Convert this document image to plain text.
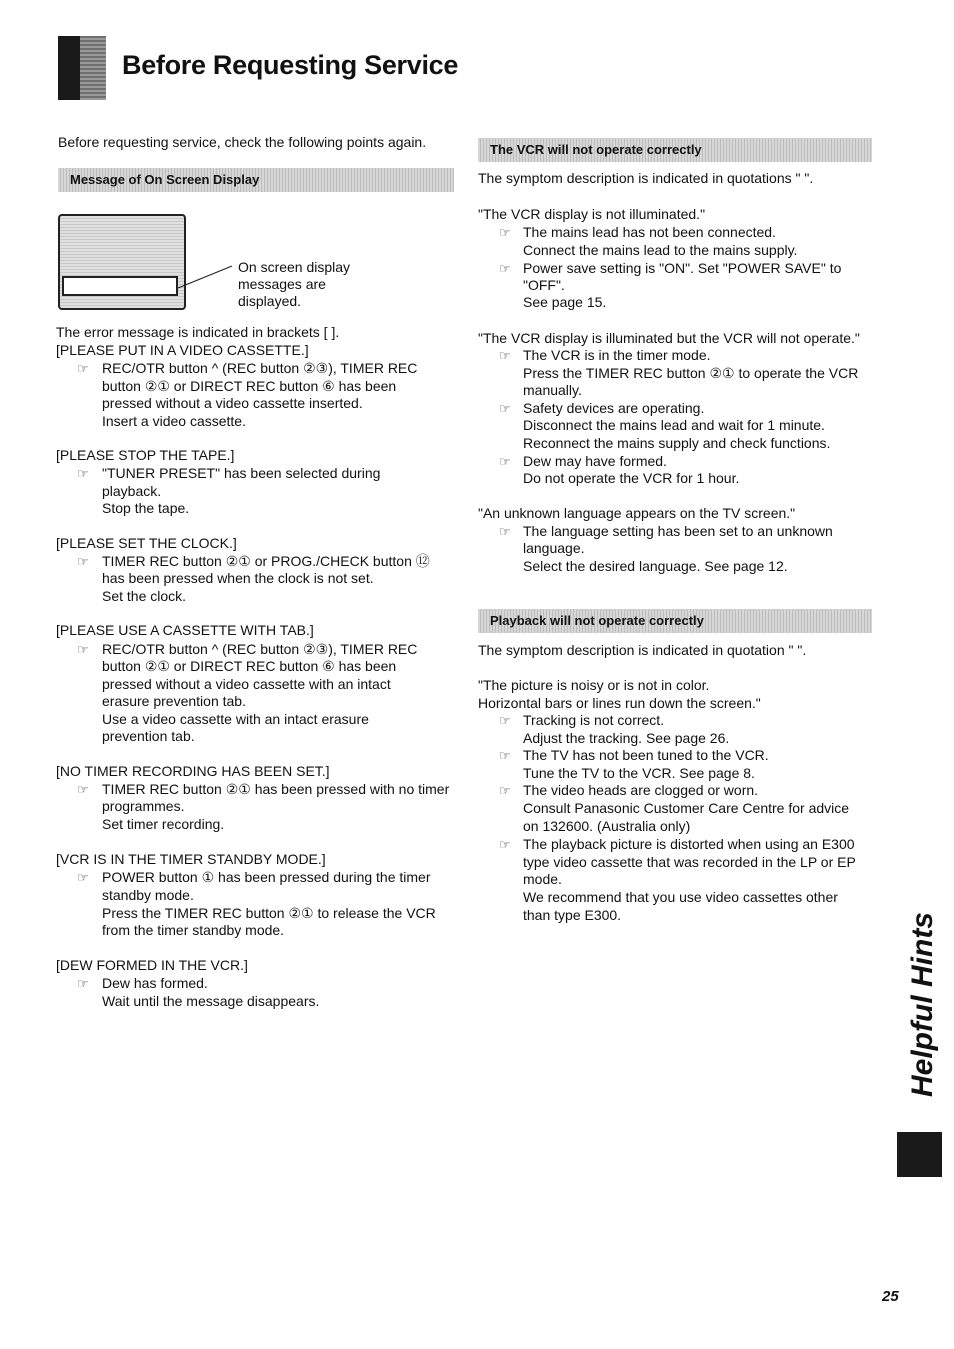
Before Requesting Service
Before requesting service, check the following points again.
Message of On Screen Display
On screen display
messages are
displayed.
The error message is indicated in brackets [ ].
[PLEASE PUT IN A VIDEO CASSETTE.]
☞ REC/OTR button ^ (REC button ②③), TIMER REC
button ②① or DIRECT REC button ⑥ has been
pressed without a video cassette inserted.
Insert a video cassette.
[PLEASE STOP THE TAPE.]
☞ "TUNER PRESET" has been selected during
playback.
Stop the tape.
[PLEASE SET THE CLOCK.]
☞ TIMER REC button ②① or PROG./CHECK button ⑫
has been pressed when the clock is not set.
Set the clock.
[PLEASE USE A CASSETTE WITH TAB.]
☞ REC/OTR button ^ (REC button ②③), TIMER REC
button ②① or DIRECT REC button ⑥ has been
pressed without a video cassette with an intact
erasure prevention tab.
Use a video cassette with an intact erasure
prevention tab.
[NO TIMER RECORDING HAS BEEN SET.]
☞ TIMER REC button ②① has been pressed with no timer
programmes.
Set timer recording.
[VCR IS IN THE TIMER STANDBY MODE.]
☞ POWER button ① has been pressed during the timer
standby mode.
Press the TIMER REC button ②① to release the VCR
from the timer standby mode.
[DEW FORMED IN THE VCR.]
☞ Dew has formed.
Wait until the message disappears.
The VCR will not operate correctly
The symptom description is indicated in quotations " ".
"The VCR display is not illuminated."
☞ The mains lead has not been connected.
Connect the mains lead to the mains supply.
☞ Power save setting is "ON". Set "POWER SAVE" to
"OFF".
See page 15.
"The VCR display is illuminated but the VCR will not operate."
☞ The VCR is in the timer mode.
Press the TIMER REC button ②① to operate the VCR
manually.
☞ Safety devices are operating.
Disconnect the mains lead and wait for 1 minute.
Reconnect the mains supply and check functions.
☞ Dew may have formed.
Do not operate the VCR for 1 hour.
"An unknown language appears on the TV screen."
☞ The language setting has been set to an unknown
language.
Select the desired language. See page 12.
Playback will not operate correctly
The symptom description is indicated in quotation " ".
"The picture is noisy or is not in color.
Horizontal bars or lines run down the screen."
☞ Tracking is not correct.
Adjust the tracking. See page 26.
☞ The TV has not been tuned to the VCR.
Tune the TV to the VCR. See page 8.
☞ The video heads are clogged or worn.
Consult Panasonic Customer Care Centre for advice
on 132600. (Australia only)
☞ The playback picture is distorted when using an E300
type video cassette that was recorded in the LP or EP
mode.
We recommend that you use video cassettes other
than type E300.	Helpful Hints
25
